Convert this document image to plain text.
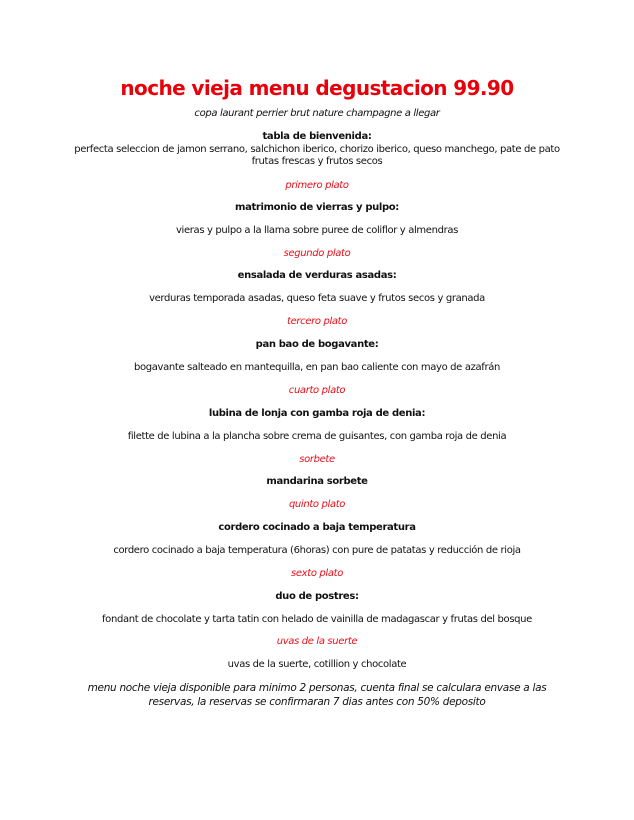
noche vieja menu degustacion 99.90
copa laurant perrier brut nature champagne a llegar
tabla de bienvenida:
perfecta seleccion de jamon serrano, salchichon iberico, chorizo iberico, queso manchego, pate de pato
frutas frescas y frutos secos
primero plato
matrimonio de vierras y pulpo:
vieras y pulpo a la llama sobre puree de coliflor y almendras
segundo plato
ensalada de verduras asadas:
verduras temporada asadas, queso feta suave y frutos secos y granada
tercero plato
pan bao de bogavante:
bogavante salteado en mantequilla, en pan bao caliente con mayo de azafrán
cuarto plato
lubina de lonja con gamba roja de denia:
filette de lubina a la plancha sobre crema de guisantes, con gamba roja de denia
sorbete
mandarina sorbete
quinto plato
cordero cocinado a baja temperatura
cordero cocinado a baja temperatura (6horas) con pure de patatas y reducción de rioja
sexto plato
duo de postres:
fondant de chocolate y tarta tatin con helado de vainilla de madagascar y frutas del bosque
uvas de la suerte
uvas de la suerte, cotillion y chocolate
menu noche vieja disponible para minimo 2 personas, cuenta final se calculara envase a las
reservas, la reservas se confirmaran 7 dias antes con 50% deposito
